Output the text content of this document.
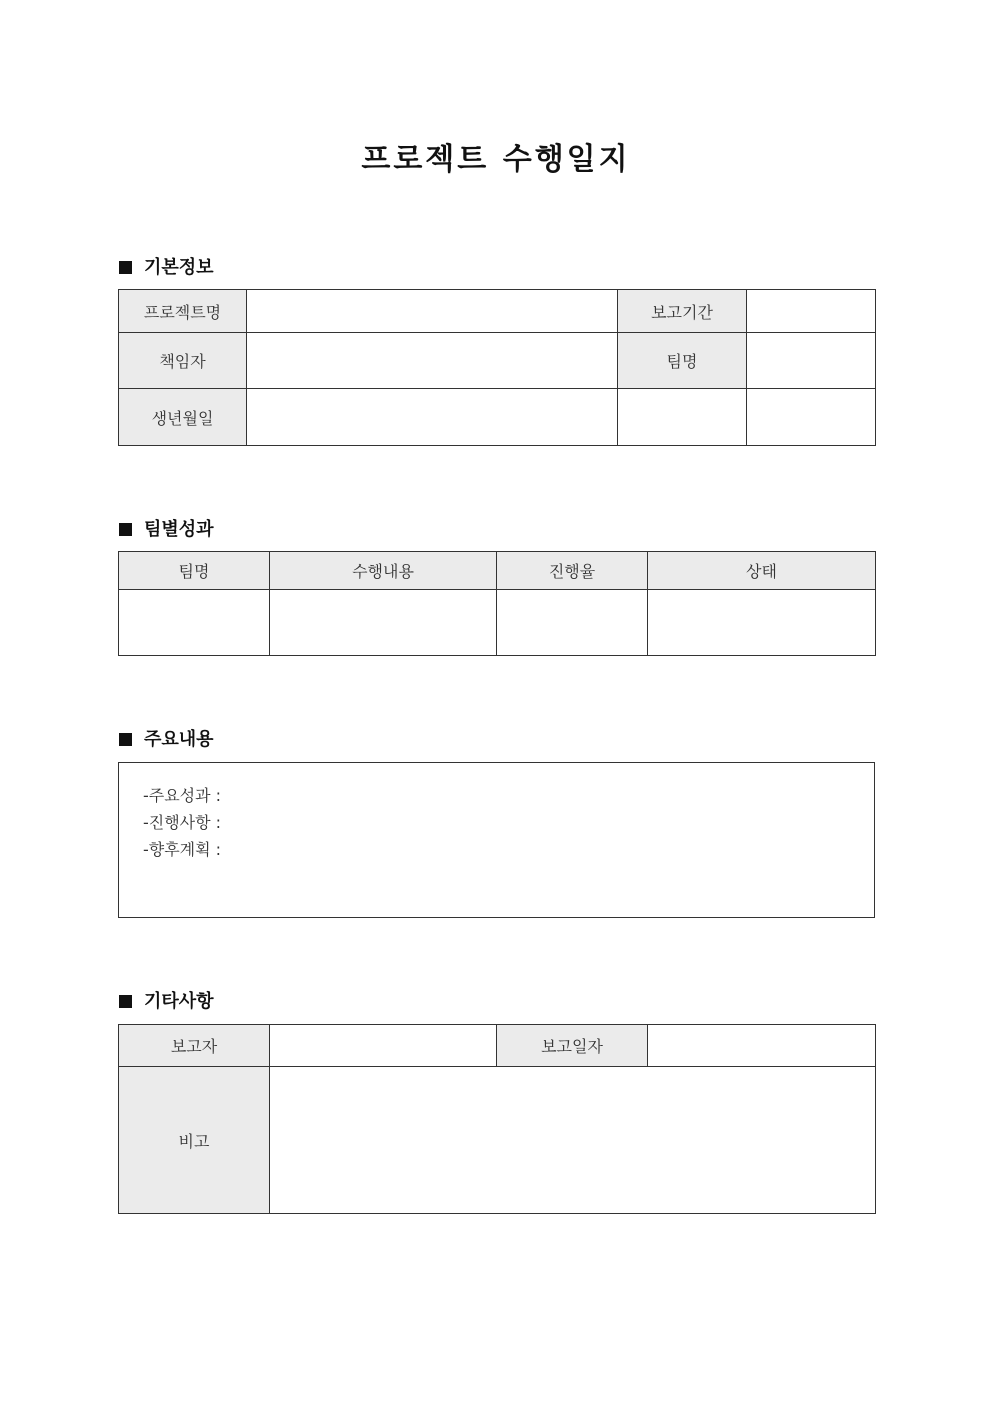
프로젝트 수행일지
기본정보
프로젝트명		보고기간	
책임자		팀명	
생년월일			
팀별성과
팀명	수행내용	진행율	상태

주요내용
-주요성과 :
-진행사항 :
-향후계획 :
기타사항
보고자		보고일자	
비고			
